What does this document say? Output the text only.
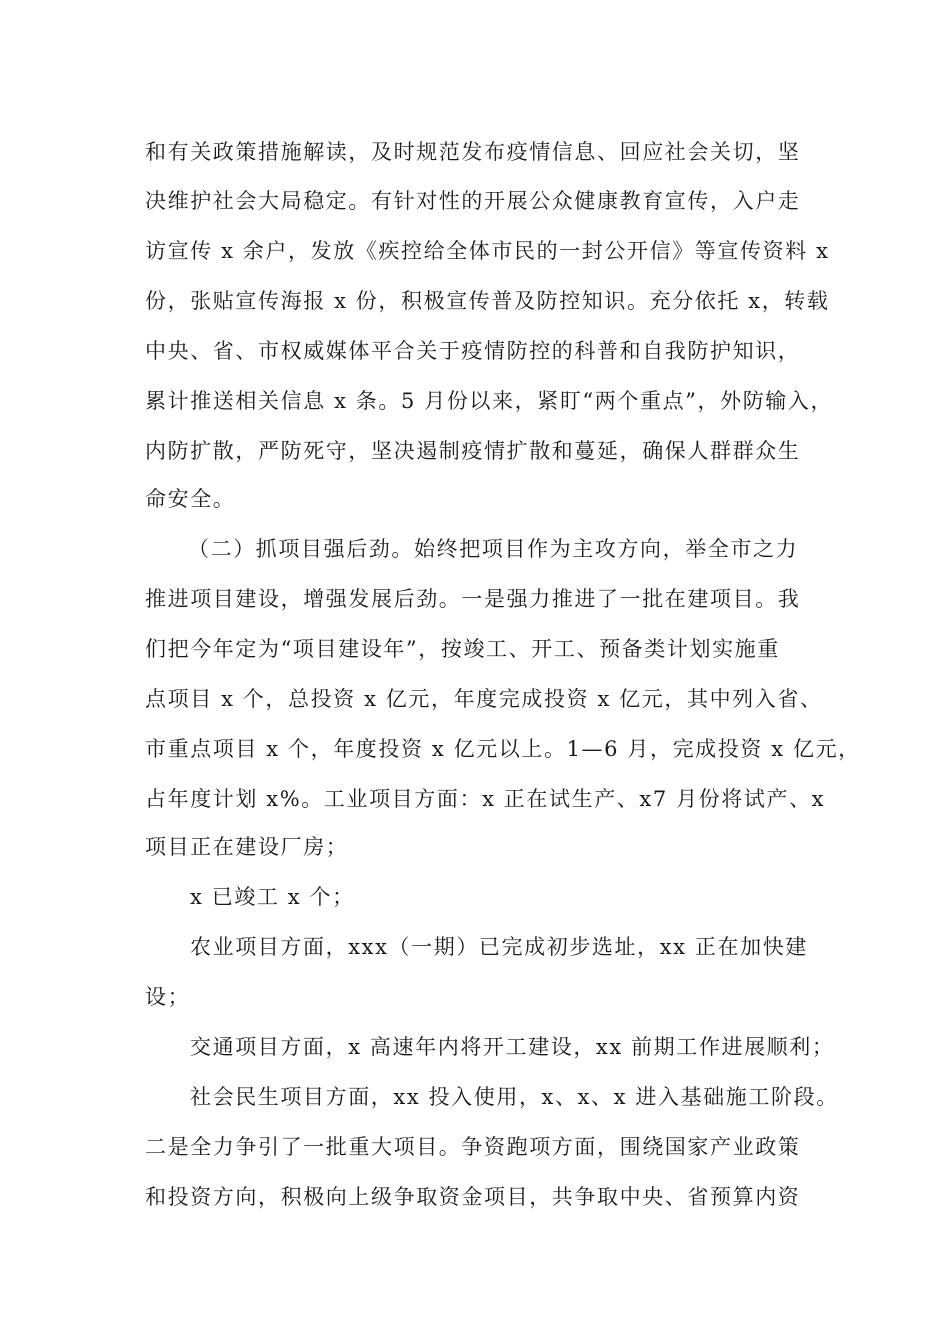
和有关政策措施解读，及时规范发布疫情信息、回应社会关切，坚
决维护社会大局稳定。有针对性的开展公众健康教育宣传，入户走
访宣传 x 余户，发放《疾控给全体市民的一封公开信》等宣传资料 x
份，张贴宣传海报 x 份，积极宣传普及防控知识。充分依托 x，转载
中央、省、市权威媒体平合关于疫情防控的科普和自我防护知识，
累计推送相关信息 x 条。5 月份以来，紧盯“两个重点”，外防输入，
内防扩散，严防死守，坚决遏制疫情扩散和蔓延，确保人群群众生
命安全。
（二）抓项目强后劲。始终把项目作为主攻方向，举全市之力
推进项目建设，增强发展后劲。一是强力推进了一批在建项目。我
们把今年定为“项目建设年”，按竣工、开工、预备类计划实施重
点项目 x 个，总投资 x 亿元，年度完成投资 x 亿元，其中列入省、
市重点项目 x 个，年度投资 x 亿元以上。1—6 月，完成投资 x 亿元，
占年度计划 x%。工业项目方面：x 正在试生产、x7 月份将试产、x
项目正在建设厂房；
x 已竣工 x 个；
农业项目方面，xxx（一期）已完成初步选址，xx 正在加快建
设；
交通项目方面，x 高速年内将开工建设，xx 前期工作进展顺利；
社会民生项目方面，xx 投入使用，x、x、x 进入基础施工阶段。
二是全力争引了一批重大项目。争资跑项方面，围绕国家产业政策
和投资方向，积极向上级争取资金项目，共争取中央、省预算内资
